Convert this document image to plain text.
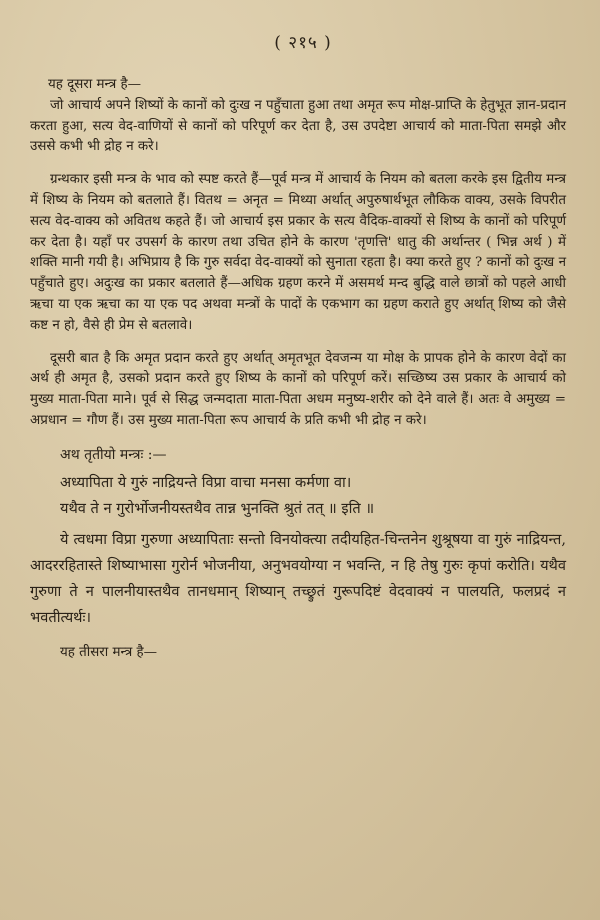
( २१५ )

यह दूसरा मन्त्र है—

जो आचार्य अपने शिष्यों के कानों को दुःख न पहुँचाता हुआ तथा अमृत रूप मोक्ष-प्राप्ति के हेतुभूत ज्ञान-प्रदान करता हुआ, सत्य वेद-वाणियों से कानों को परिपूर्ण कर देता है, उस उपदेष्टा आचार्य को माता-पिता समझे और उससे कभी भी द्रोह न करे।

ग्रन्थकार इसी मन्त्र के भाव को स्पष्ट करते हैं—पूर्व मन्त्र में आचार्य के नियम को बतला करके इस द्वितीय मन्त्र में शिष्य के नियम को बतलाते हैं। वितथ = अनृत = मिथ्या अर्थात् अपुरुषार्थभूत लौकिक वाक्य, उसके विपरीत सत्य वेद-वाक्य को अवितथ कहते हैं। जो आचार्य इस प्रकार के सत्य वैदिक-वाक्यों से शिष्य के कानों को परिपूर्ण कर देता है। यहाँ पर उपसर्ग के कारण तथा उचित होने के कारण 'तृणत्ति' धातु की अर्थान्तर ( भिन्न अर्थ ) में शक्ति मानी गयी है। अभिप्राय है कि गुरु सर्वदा वेद-वाक्यों को सुनाता रहता है। क्या करते हुए ? कानों को दुःख न पहुँचाते हुए। अदुःख का प्रकार बतलाते हैं—अधिक ग्रहण करने में असमर्थ मन्द बुद्धि वाले छात्रों को पहले आधी ऋचा या एक ऋचा का या एक पद अथवा मन्त्रों के पादों के एकभाग का ग्रहण कराते हुए अर्थात् शिष्य को जैसे कष्ट न हो, वैसे ही प्रेम से बतलावे।

दूसरी बात है कि अमृत प्रदान करते हुए अर्थात् अमृतभूत देवजन्म या मोक्ष के प्रापक होने के कारण वेदों का अर्थ ही अमृत है, उसको प्रदान करते हुए शिष्य के कानों को परिपूर्ण करें। सच्छिष्य उस प्रकार के आचार्य को मुख्य माता-पिता माने। पूर्व से सिद्ध जन्मदाता माता-पिता अधम मनुष्य-शरीर को देने वाले हैं। अतः वे अमुख्य = अप्रधान = गौण हैं। उस मुख्य माता-पिता रूप आचार्य के प्रति कभी भी द्रोह न करे।

अथ तृतीयो मन्त्रः :—
अध्यापिता ये गुरुं नाद्रियन्ते विप्रा वाचा मनसा कर्मणा वा।
यथैव ते न गुरोर्भोजनीयस्तथैव तान्न भुनक्ति श्रुतं तत् ॥ इति ॥

ये त्वधमा विप्रा गुरुणा अध्यापिताः सन्तो विनयोक्त्या तदीयहित-चिन्तनेन शुश्रूषया वा गुरुं नाद्रियन्त, आदररहितास्ते शिष्याभासा गुरोर्न भोजनीया, अनुभवयोग्या न भवन्ति, न हि तेषु गुरुः कृपां करोति। यथैव गुरुणा ते न पालनीयास्तथैव तानधमान् शिष्यान् तच्छ्रुतं गुरूपदिष्टं वेदवाक्यं न पालयति, फलप्रदं न भवतीत्यर्थः।

यह तीसरा मन्त्र है—
